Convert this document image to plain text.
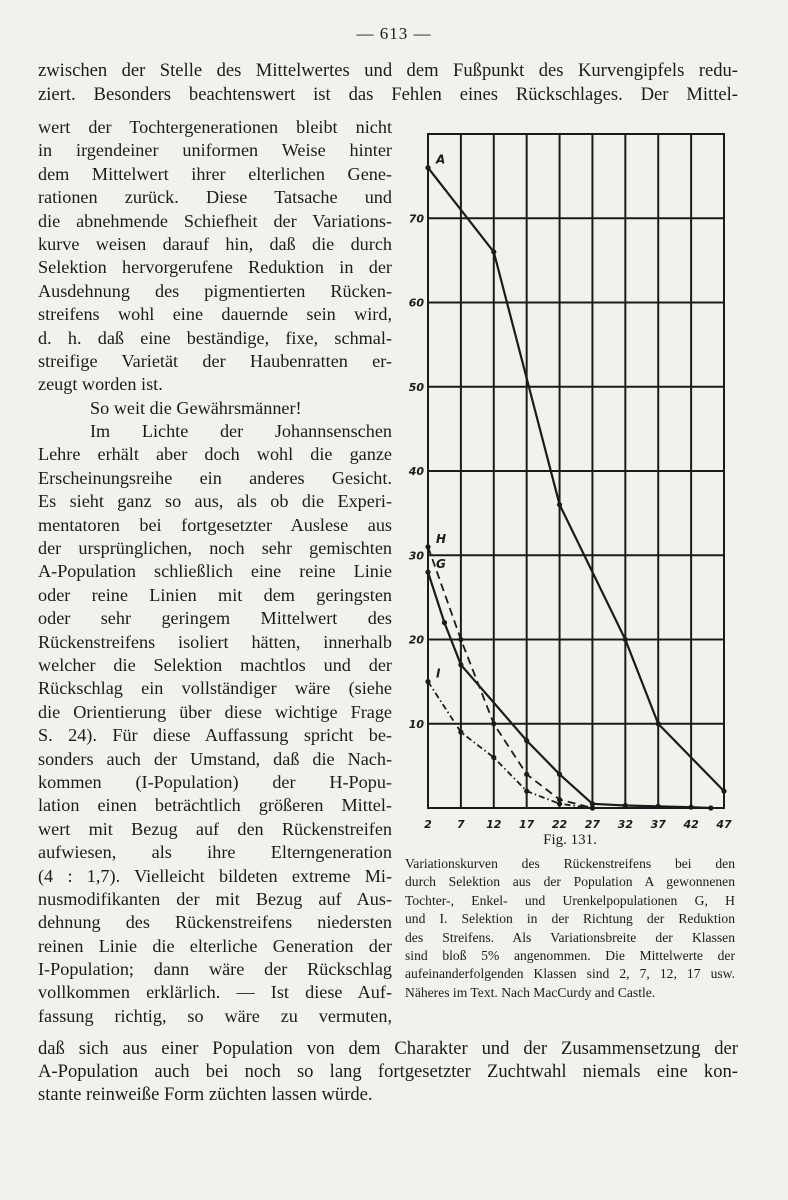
— 613 —
zwischen der Stelle des Mittelwertes und dem Fußpunkt des Kurvengipfels redu-
ziert. Besonders beachtenswert ist das Fehlen eines Rückschlages. Der Mittel-
wert der Tochtergenerationen bleibt nicht
in irgendeiner uniformen Weise hinter
dem Mittelwert ihrer elterlichen Gene-
rationen zurück. Diese Tatsache und
die abnehmende Schiefheit der Variations-
kurve weisen darauf hin, daß die durch
Selektion hervorgerufene Reduktion in der
Ausdehnung des pigmentierten Rücken-
streifens wohl eine dauernde sein wird,
d. h. daß eine beständige, fixe, schmal-
streifige Varietät der Haubenratten er-
zeugt worden ist.
So weit die Gewährsmänner!
Im Lichte der Johannsenschen
Lehre erhält aber doch wohl die ganze
Erscheinungsreihe ein anderes Gesicht.
Es sieht ganz so aus, als ob die Experi-
mentatoren bei fortgesetzter Auslese aus
der ursprünglichen, noch sehr gemischten
A-Population schließlich eine reine Linie
oder reine Linien mit dem geringsten
oder sehr geringem Mittelwert des
Rückenstreifens isoliert hätten, innerhalb
welcher die Selektion machtlos und der
Rückschlag ein vollständiger wäre (siehe
die Orientierung über diese wichtige Frage
S. 24). Für diese Auffassung spricht be-
sonders auch der Umstand, daß die Nach-
kommen (I-Population) der H-Popu-
lation einen beträchtlich größeren Mittel-
wert mit Bezug auf den Rückenstreifen
aufwiesen, als ihre Elterngeneration
(4 : 1,7). Vielleicht bildeten extreme Mi-
nusmodifikanten der mit Bezug auf Aus-
dehnung des Rückenstreifens niedersten
reinen Linie die elterliche Generation der
I-Population; dann wäre der Rückschlag
vollkommen erklärlich. — Ist diese Auf-
fassung richtig, so wäre zu vermuten,
daß sich aus einer Population von dem Charakter und der Zusammensetzung der
A-Population auch bei noch so lang fortgesetzter Zuchtwahl niemals eine kon-
stante reinweiße Form züchten lassen würde.
2 7 12 17 22 27 32 37 42 47
10
20
30
40
50
60
70
A
G
H
I
Fig. 131.
Variationskurven des Rückenstreifens bei den
durch Selektion aus der Population A gewonnenen
Tochter-, Enkel- und Urenkelpopulationen G, H
und I. Selektion in der Richtung der Reduktion
des Streifens. Als Variationsbreite der Klassen
sind bloß 5% angenommen. Die Mittelwerte der
aufeinanderfolgenden Klassen sind 2, 7, 12, 17 usw.
Näheres im Text. Nach MacCurdy and Castle.
